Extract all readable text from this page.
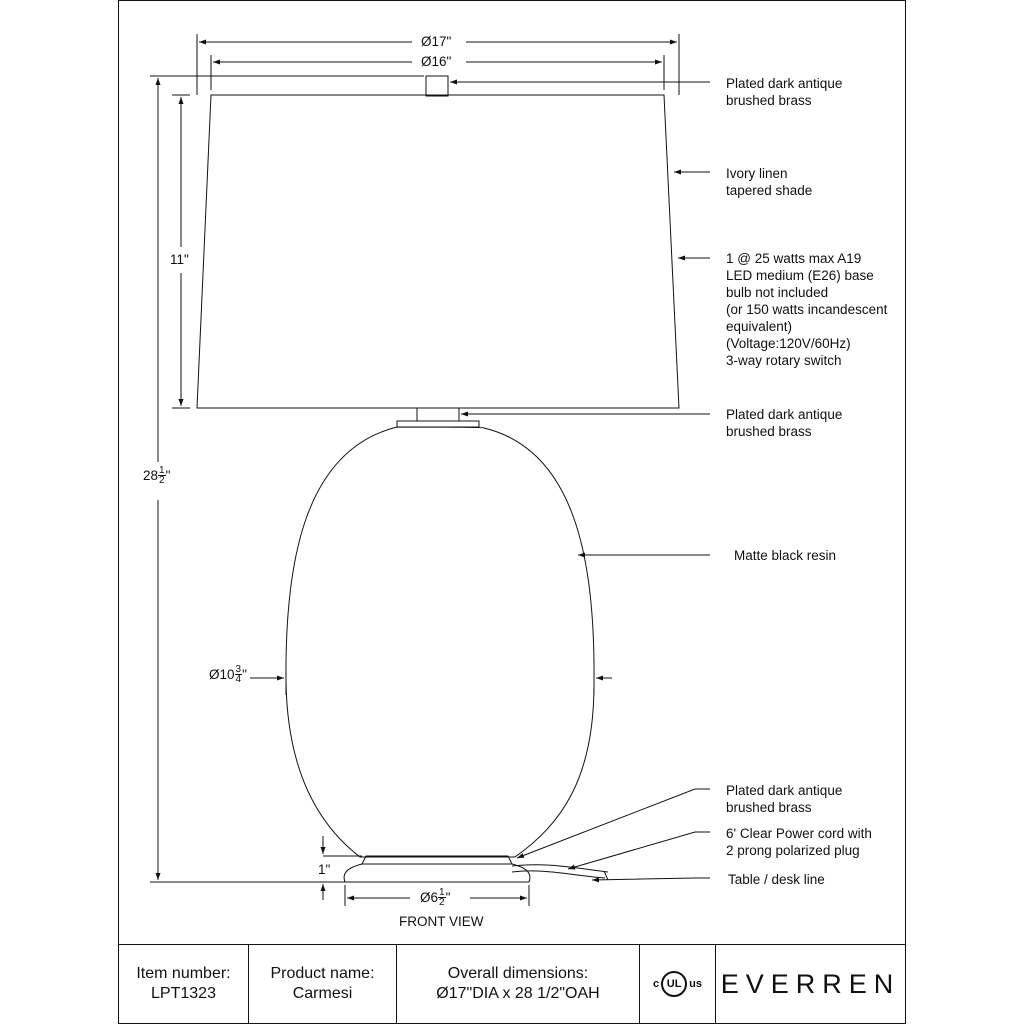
Ø17"
Ø16"
11"
$28 \frac{1}{2}$ "
Ø10 $\frac{3}{4}$ "
1"
Ø6 $\frac{1}{2}$ "
FRONT VIEW
Plated dark antique
brushed brass
Ivory linen
tapered shade
1 @ 25 watts max A19
LED medium (E26) base
bulb not included
(or 150 watts incandescent
equivalent)
(Voltage:120V/60Hz)
3-way rotary switch
Plated dark antique
brushed brass
Matte black resin
Plated dark antique
brushed brass
6' Clear Power cord with
2 prong polarized plug
Table / desk line
Item number:
LPT1323
Product name:
Carmesi
Overall dimensions:
Ø17"DIA x 28 1/2"OAH
c UL us EVERREN
